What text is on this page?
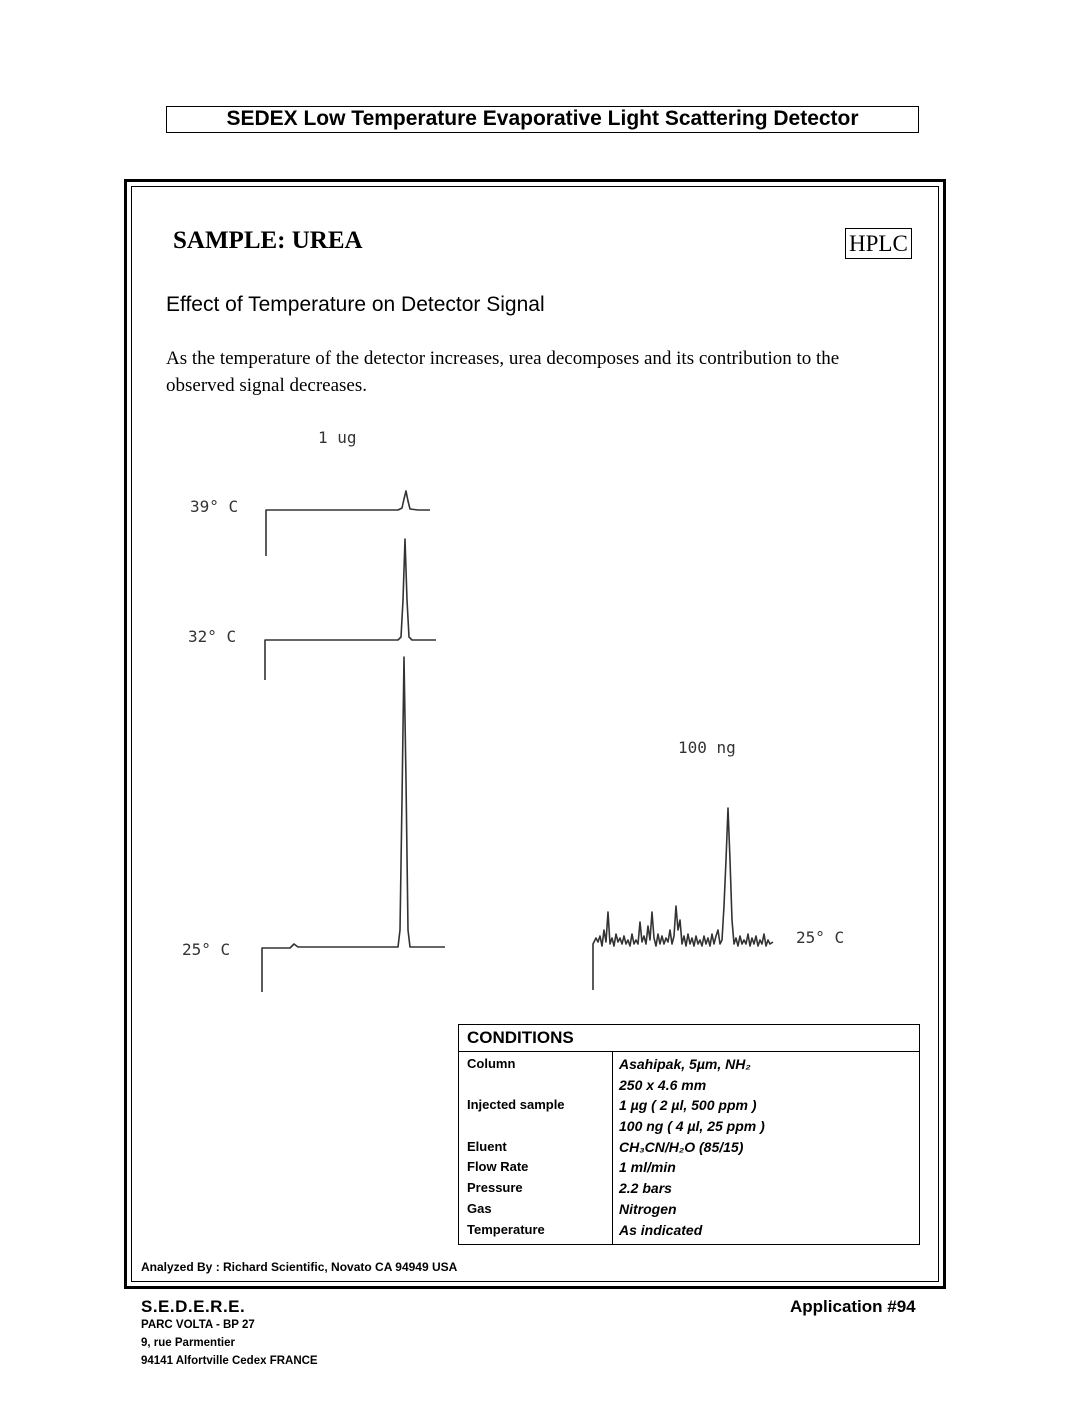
SEDEX Low Temperature Evaporative Light Scattering Detector
SAMPLE: UREA	HPLC
Effect of Temperature on Detector Signal
As the temperature of the detector increases, urea decomposes and its contribution to the observed signal decreases.
1 ug
39° C
32° C
25° C
100 ng
25° C
CONDITIONS
Column
Injected sample
Eluent
Flow Rate
Pressure
Gas
Temperature
Asahipak, 5µm, NH₂
250 x 4.6 mm
1 µg ( 2 µl, 500 ppm )
100 ng ( 4 µl, 25 ppm )
CH₃CN/H₂O (85/15)
1 ml/min
2.2 bars
Nitrogen
As indicated
Analyzed By : Richard Scientific, Novato CA 94949 USA
S.E.D.E.R.E.	Application #94
PARC VOLTA - BP 27
9, rue Parmentier
94141 Alfortville Cedex FRANCE
